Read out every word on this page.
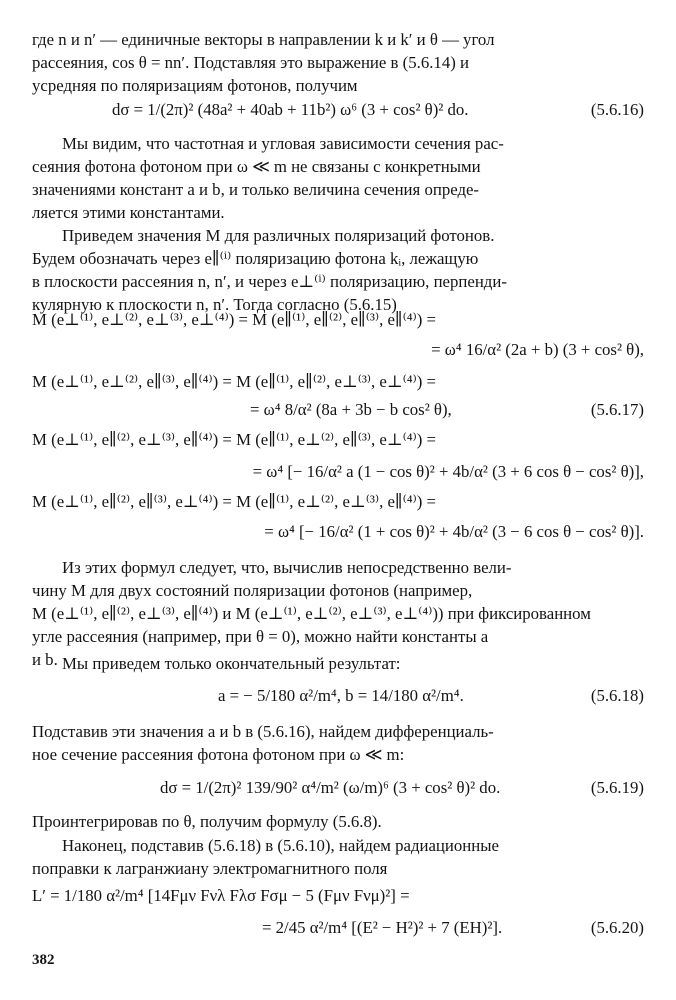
где n и n′ — единичные векторы в направлении k и k′ и θ — угол
рассеяния, cos θ = nn′. Подставляя это выражение в (5.6.14) и
усредняя по поляризациям фотонов, получим

dσ = 1/(2π)² (48a² + 40ab + 11b²) ω⁶ (3 + cos² θ)² do.	(5.6.16)

Мы видим, что частотная и угловая зависимости сечения рас-
сеяния фотона фотоном при ω ≪ m не связаны с конкретными
значениями констант a и b, и только величина сечения опреде-
ляется этими константами.

Приведем значения M для различных поляризаций фотонов.
Будем обозначать через e∥⁽ⁱ⁾ поляризацию фотона kᵢ, лежащую
в плоскости рассеяния n, n′, и через e⊥⁽ⁱ⁾ поляризацию, перпенди-
кулярную к плоскости n, n′. Тогда согласно (5.6.15)

M (e⊥⁽¹⁾, e⊥⁽²⁾, e⊥⁽³⁾, e⊥⁽⁴⁾) = M (e∥⁽¹⁾, e∥⁽²⁾, e∥⁽³⁾, e∥⁽⁴⁾) =

= ω⁴ 16/α² (2a + b) (3 + cos² θ),

M (e⊥⁽¹⁾, e⊥⁽²⁾, e∥⁽³⁾, e∥⁽⁴⁾) = M (e∥⁽¹⁾, e∥⁽²⁾, e⊥⁽³⁾, e⊥⁽⁴⁾) =

= ω⁴ 8/α² (8a + 3b − b cos² θ),	(5.6.17)

M (e⊥⁽¹⁾, e∥⁽²⁾, e⊥⁽³⁾, e∥⁽⁴⁾) = M (e∥⁽¹⁾, e⊥⁽²⁾, e∥⁽³⁾, e⊥⁽⁴⁾) =

= ω⁴ [− 16/α² a (1 − cos θ)² + 4b/α² (3 + 6 cos θ − cos² θ)],

M (e⊥⁽¹⁾, e∥⁽²⁾, e∥⁽³⁾, e⊥⁽⁴⁾) = M (e∥⁽¹⁾, e⊥⁽²⁾, e⊥⁽³⁾, e∥⁽⁴⁾) =

= ω⁴ [− 16/α² (1 + cos θ)² + 4b/α² (3 − 6 cos θ − cos² θ)].

Из этих формул следует, что, вычислив непосредственно вели-
чину M для двух состояний поляризации фотонов (например,
M (e⊥⁽¹⁾, e∥⁽²⁾, e⊥⁽³⁾, e∥⁽⁴⁾) и M (e⊥⁽¹⁾, e⊥⁽²⁾, e⊥⁽³⁾, e⊥⁽⁴⁾)) при фиксированном
угле рассеяния (например, при θ = 0), можно найти константы a
и b. Мы приведем только окончательный результат:

a = − 5/180 α²/m⁴, b = 14/180 α²/m⁴.	(5.6.18)

Подставив эти значения a и b в (5.6.16), найдем дифференциаль-
ное сечение рассеяния фотона фотоном при ω ≪ m:

dσ = 1/(2π)² 139/90² α⁴/m² (ω/m)⁶ (3 + cos² θ)² do.	(5.6.19)

Проинтегрировав по θ, получим формулу (5.6.8).

Наконец, подставив (5.6.18) в (5.6.10), найдем радиационные
поправки к лагранжиану электромагнитного поля

L′ = 1/180 α²/m⁴ [14Fμν Fνλ Fλσ Fσμ − 5 (Fμν Fνμ)²] =

= 2/45 α²/m⁴ [(E² − H²)² + 7 (EH)²].	(5.6.20)

382
